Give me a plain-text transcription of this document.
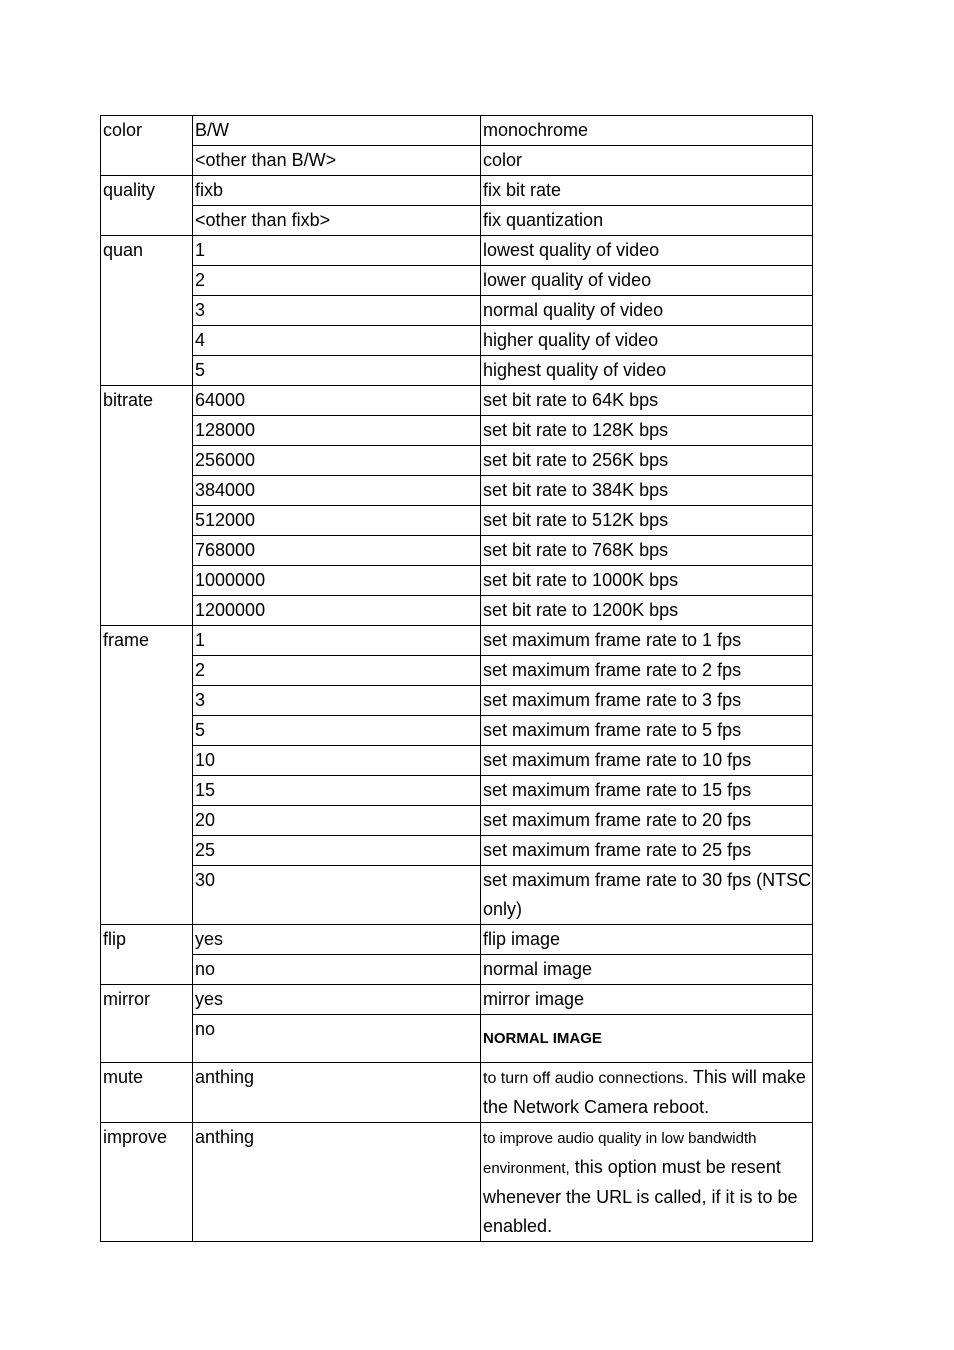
color	B/W	monochrome
	<other than B/W>	color
quality	fixb	fix bit rate
	<other than fixb>	fix quantization
quan	1	lowest quality of video
	2	lower quality of video
	3	normal quality of video
	4	higher quality of video
	5	highest quality of video
bitrate	64000	set bit rate to 64K bps
	128000	set bit rate to 128K bps
	256000	set bit rate to 256K bps
	384000	set bit rate to 384K bps
	512000	set bit rate to 512K bps
	768000	set bit rate to 768K bps
	1000000	set bit rate to 1000K bps
	1200000	set bit rate to 1200K bps
frame	1	set maximum frame rate to 1 fps
	2	set maximum frame rate to 2 fps
	3	set maximum frame rate to 3 fps
	5	set maximum frame rate to 5 fps
	10	set maximum frame rate to 10 fps
	15	set maximum frame rate to 15 fps
	20	set maximum frame rate to 20 fps
	25	set maximum frame rate to 25 fps
	30	set maximum frame rate to 30 fps (NTSC only)
flip	yes	flip image
	no	normal image
mirror	yes	mirror image
	no	NORMAL IMAGE
mute	anthing	to turn off audio connections. This will make the Network Camera reboot.
improve	anthing	to improve audio quality in low bandwidth environment, this option must be resent whenever the URL is called, if it is to be enabled.
